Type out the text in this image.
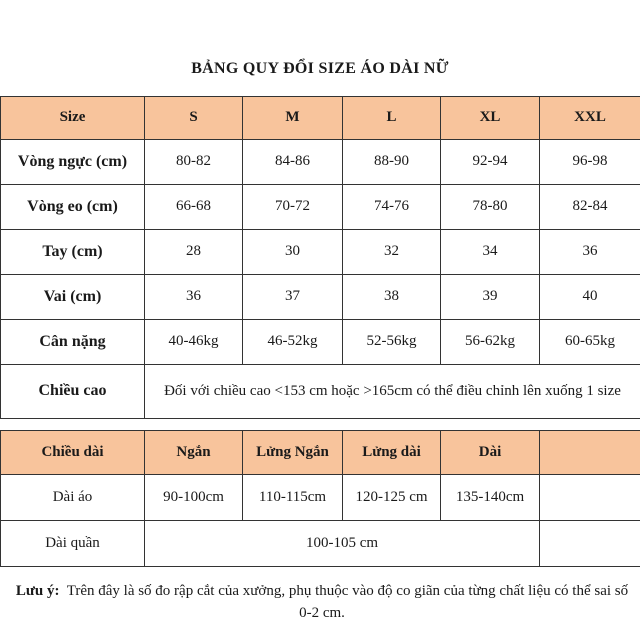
BẢNG QUY ĐỔI SIZE ÁO DÀI NỮ
Size	S	M	L	XL	XXL
Vòng ngực (cm)	80-82	84-86	88-90	92-94	96-98
Vòng eo (cm)	66-68	70-72	74-76	78-80	82-84
Tay (cm)	28	30	32	34	36
Vai (cm)	36	37	38	39	40
Cân nặng	40-46kg	46-52kg	52-56kg	56-62kg	60-65kg
Chiều cao	Đối với chiều cao <153 cm hoặc >165cm có thể điều chỉnh lên xuống 1 size				
Chiều dài	Ngắn	Lửng Ngắn	Lửng dài	Dài	
Dài áo	90-100cm	110-115cm	120-125 cm	135-140cm	
Dài quần	100-105 cm				
Lưu ý: Trên đây là số đo rập cắt của xưởng, phụ thuộc vào độ co giãn của từng chất liệu có thể sai số 0-2 cm.
